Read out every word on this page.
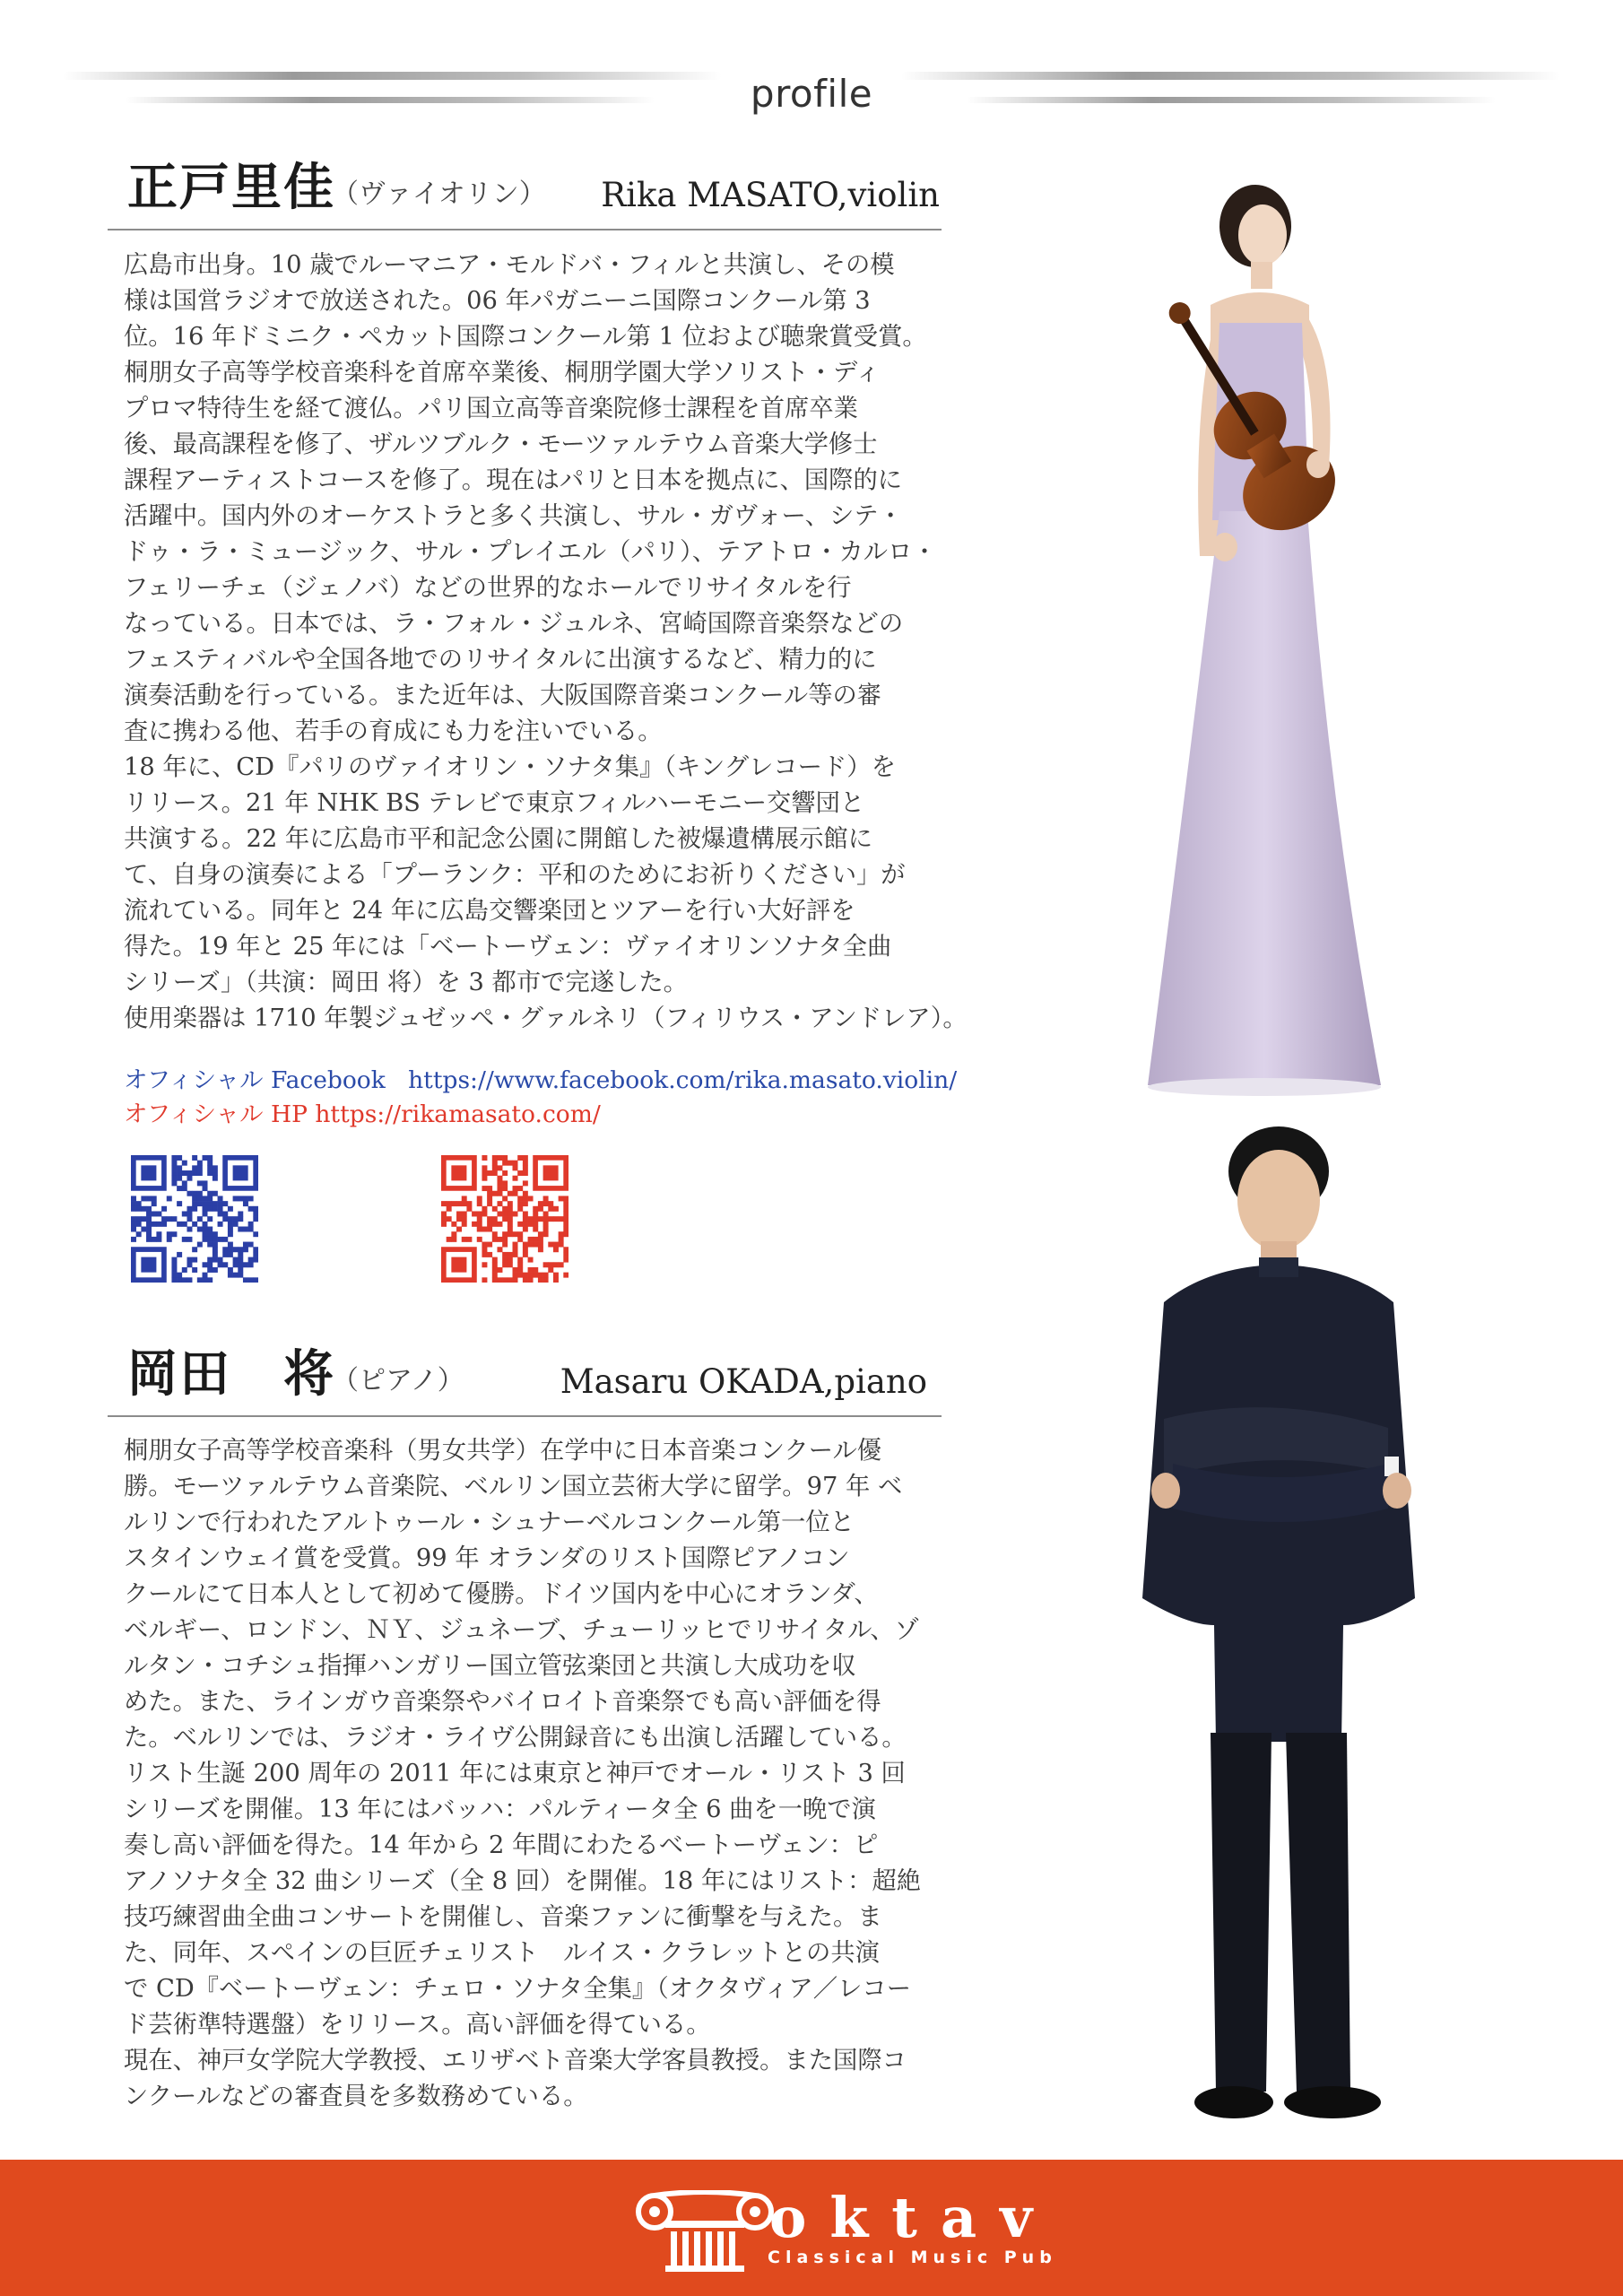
profile
正戸里佳
（ヴァイオリン） Rika MASATO,violin

広島市出身。10 歳でルーマニア・モルドバ・フィルと共演し、その模

様は国営ラジオで放送された。06 年パガニーニ国際コンクール第 3

位。16 年ドミニク・ペカット国際コンクール第 1 位および聴衆賞受賞。

桐朋女子高等学校音楽科を首席卒業後、桐朋学園大学ソリスト・ディ

プロマ特待生を経て渡仏。パリ国立高等音楽院修士課程を首席卒業

後、最高課程を修了、ザルツブルク・モーツァルテウム音楽大学修士

課程アーティストコースを修了。現在はパリと日本を拠点に、国際的に

活躍中。国内外のオーケストラと多く共演し、サル・ガヴォー、シテ・

ドゥ・ラ・ミュージック、サル・プレイエル（パリ）、テアトロ・カルロ・

フェリーチェ（ジェノバ）などの世界的なホールでリサイタルを行

なっている。日本では、ラ・フォル・ジュルネ、宮崎国際音楽祭などの

フェスティバルや全国各地でのリサイタルに出演するなど、精力的に

演奏活動を行っている。また近年は、大阪国際音楽コンクール等の審

査に携わる他、若手の育成にも力を注いでいる。

18 年に、CD『パリのヴァイオリン・ソナタ集』（キングレコード）を

リリース。21 年 NHK BS テレビで東京フィルハーモニー交響団と

共演する。22 年に広島市平和記念公園に開館した被爆遺構展示館に

て、自身の演奏による「プーランク：平和のためにお祈りください」が

流れている。同年と 24 年に広島交響楽団とツアーを行い大好評を

得た。19 年と 25 年には「ベートーヴェン：ヴァイオリンソナタ全曲

シリーズ」（共演：岡田 将）を 3 都市で完遂した。

使用楽器は 1710 年製ジュゼッペ・グァルネリ（フィリウス・アンドレア）。

オフィシャル Facebook https://www.facebook.com/rika.masato.violin/
オフィシャル HP https://rikamasato.com/
岡田　将
（ピアノ）	Masaru OKADA,piano

桐朋女子高等学校音楽科（男女共学）在学中に日本音楽コンクール優

勝。モーツァルテウム音楽院、ベルリン国立芸術大学に留学。97 年 ベ

ルリンで行われたアルトゥール・シュナーベルコンクール第一位と

スタインウェイ賞を受賞。99 年 オランダのリスト国際ピアノコン

クールにて日本人として初めて優勝。ドイツ国内を中心にオランダ、

ベルギー、ロンドン、ＮＹ、ジュネーブ、チューリッヒでリサイタル、ゾ

ルタン・コチシュ指揮ハンガリー国立管弦楽団と共演し大成功を収

めた。また、ラインガウ音楽祭やバイロイト音楽祭でも高い評価を得

た。ベルリンでは、ラジオ・ライヴ公開録音にも出演し活躍している。

リスト生誕 200 周年の 2011 年には東京と神戸でオール・リスト 3 回

シリーズを開催。13 年にはバッハ：パルティータ全 6 曲を一晩で演

奏し高い評価を得た。14 年から 2 年間にわたるベートーヴェン：ピ

アノソナタ全 32 曲シリーズ（全 8 回）を開催。18 年にはリスト：超絶

技巧練習曲全曲コンサートを開催し、音楽ファンに衝撃を与えた。ま

た、同年、スペインの巨匠チェリスト　ルイス・クラレットとの共演

で CD『ベートーヴェン：チェロ・ソナタ全集』（オクタヴィア／レコー

ド芸術準特選盤）をリリース。高い評価を得ている。

現在、神戸女学院大学教授、エリザベト音楽大学客員教授。また国際コ

ンクールなどの審査員を多数務めている。

oktav
Classical Music Pub
